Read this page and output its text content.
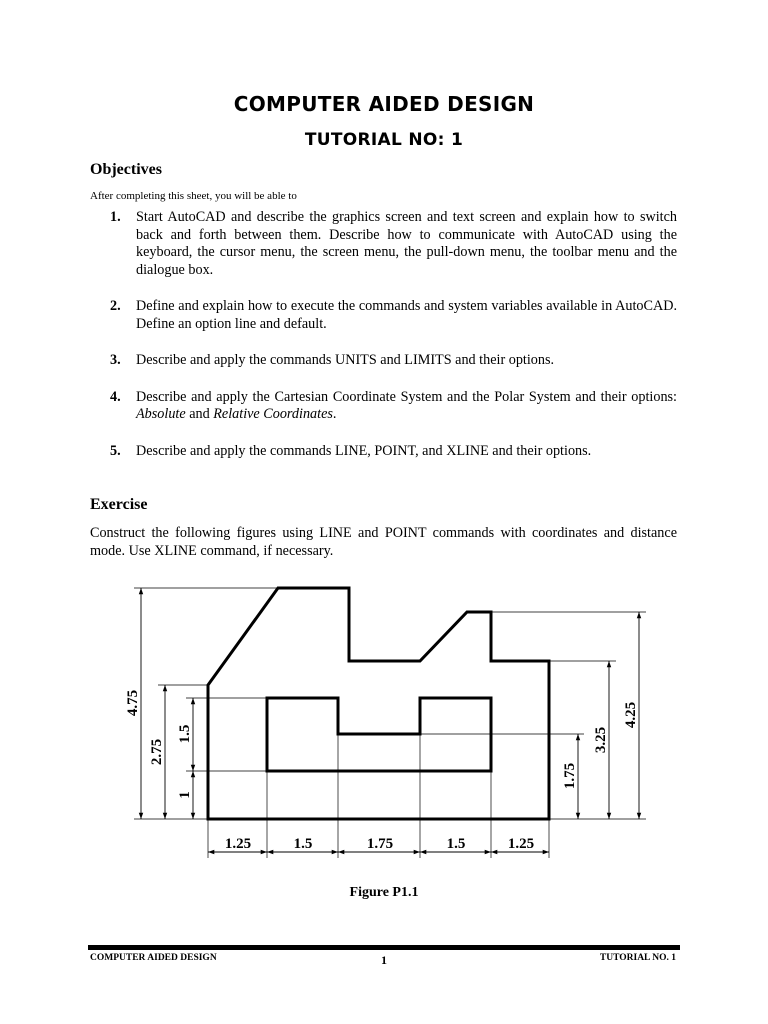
COMPUTER AIDED DESIGN
TUTORIAL NO: 1
Objectives
After completing this sheet, you will be able to
1. Start AutoCAD and describe the graphics screen and text screen and explain how to switch back and forth between them. Describe how to communicate with AutoCAD using the keyboard, the cursor menu, the screen menu, the pull-down menu, the toolbar menu and the dialogue box.
2. Define and explain how to execute the commands and system variables available in AutoCAD. Define an option line and default.
3. Describe and apply the commands UNITS and LIMITS and their options.
4. Describe and apply the Cartesian Coordinate System and the Polar System and their options: Absolute and Relative Coordinates.
5. Describe and apply the commands LINE, POINT, and XLINE and their options.
Exercise
Construct the following figures using LINE and POINT commands with coordinates and distance mode. Use XLINE command, if necessary.
1.25	1.5	1.75	1.5	1.25
4.75
2.75
1.5
1
1.75
3.25
4.25
Figure P1.1
COMPUTER AIDED DESIGN	1	TUTORIAL NO. 1
